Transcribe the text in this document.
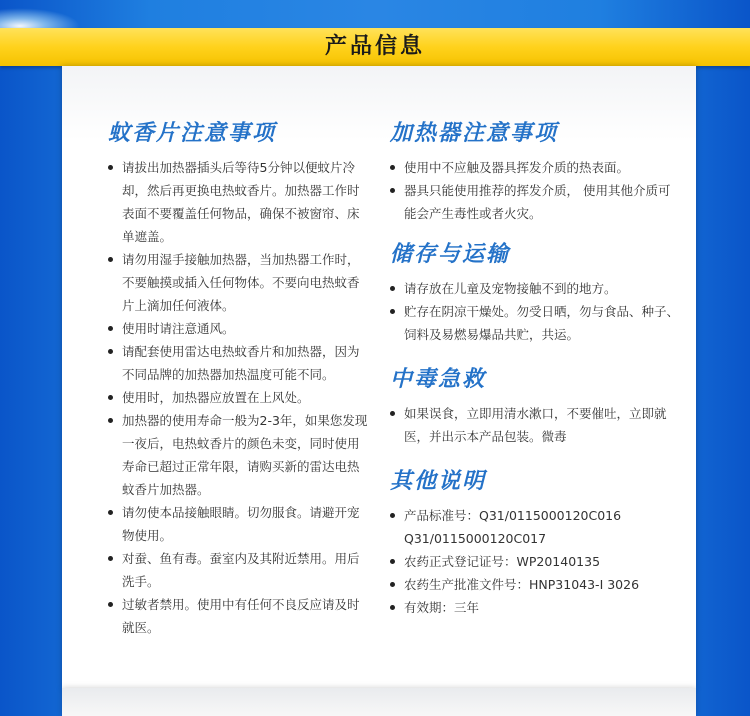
产品信息
蚊香片注意事项
请拔出加热器插头后等待5分钟以便蚊片冷却，然后再更换电热蚊香片。加热器工作时表面不要覆盖任何物品，确保不被窗帘、床单遮盖。
请勿用湿手接触加热器，当加热器工作时，不要触摸或插入任何物体。不要向电热蚊香片上滴加任何液体。
使用时请注意通风。
请配套使用雷达电热蚊香片和加热器，因为不同品牌的加热器加热温度可能不同。
使用时，加热器应放置在上风处。
加热器的使用寿命一般为2-3年，如果您发现一夜后，电热蚊香片的颜色未变，同时使用寿命已超过正常年限，请购买新的雷达电热蚊香片加热器。
请勿使本品接触眼睛。切勿服食。请避开宠物使用。
对蚕、鱼有毒。蚕室内及其附近禁用。用后洗手。
过敏者禁用。使用中有任何不良反应请及时就医。
加热器注意事项
使用中不应触及器具挥发介质的热表面。
器具只能使用推荐的挥发介质， 使用其他介质可能会产生毒性或者火灾。
储存与运输
请存放在儿童及宠物接触不到的地方。
贮存在阴凉干燥处。勿受日晒，勿与食品、种子、饲料及易燃易爆品共贮，共运。
中毒急救
如果误食，立即用清水漱口，不要催吐，立即就医，并出示本产品包装。微毒
其他说明
产品标准号：Q31/0115000120C016 Q31/0115000120C017
农药正式登记证号：WP20140135
农药生产批准文件号：HNP31043-I 3026
有效期：三年
